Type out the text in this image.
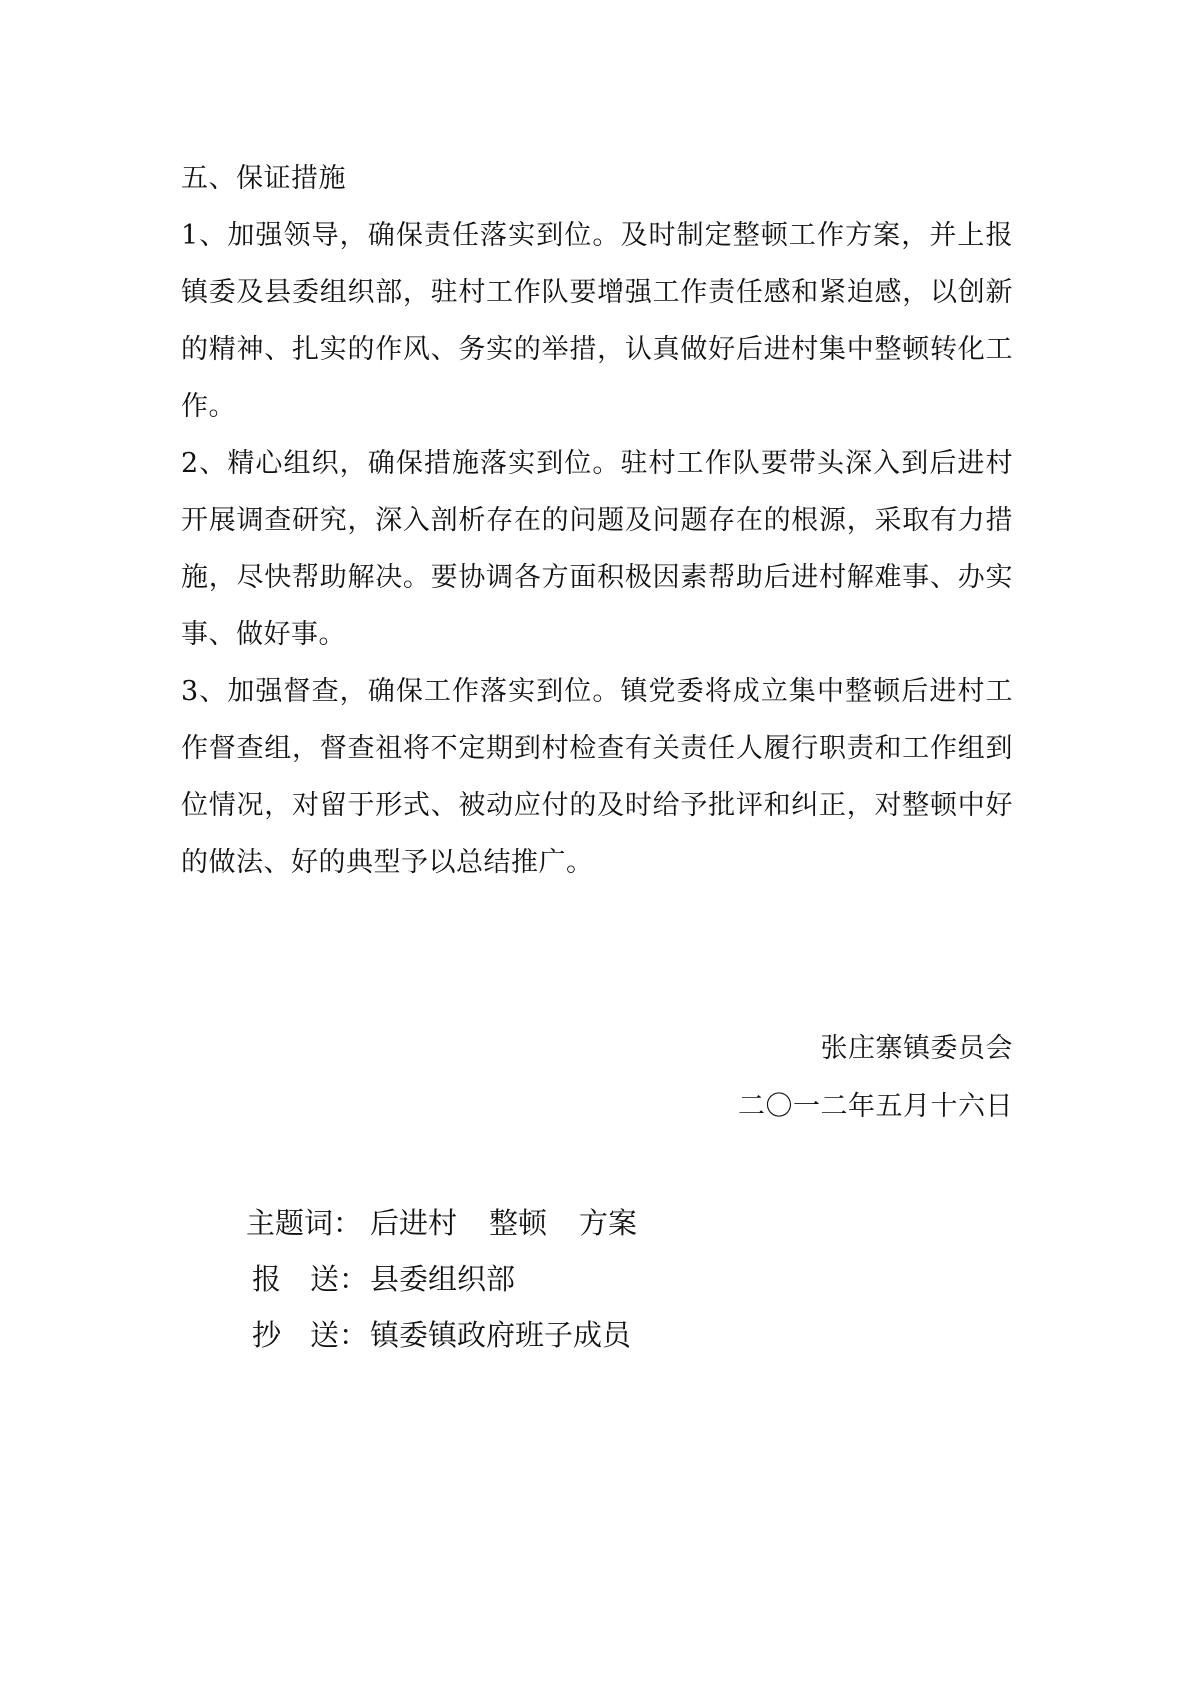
五、保证措施

1、加强领导，确保责任落实到位。及时制定整顿工作方案，并上报镇委及县委组织部，驻村工作队要增强工作责任感和紧迫感，以创新的精神、扎实的作风、务实的举措，认真做好后进村集中整顿转化工作。

2、精心组织，确保措施落实到位。驻村工作队要带头深入到后进村开展调查研究，深入剖析存在的问题及问题存在的根源，采取有力措施，尽快帮助解决。要协调各方面积极因素帮助后进村解难事、办实事、做好事。

3、加强督查，确保工作落实到位。镇党委将成立集中整顿后进村工作督查组，督查祖将不定期到村检查有关责任人履行职责和工作组到位情况，对留于形式、被动应付的及时给予批评和纠正，对整顿中好的做法、好的典型予以总结推广。

张庄寨镇委员会
二〇一二年五月十六日
主题词： 后进村 整顿 方案
报　送： 县委组织部
抄　送： 镇委镇政府班子成员
